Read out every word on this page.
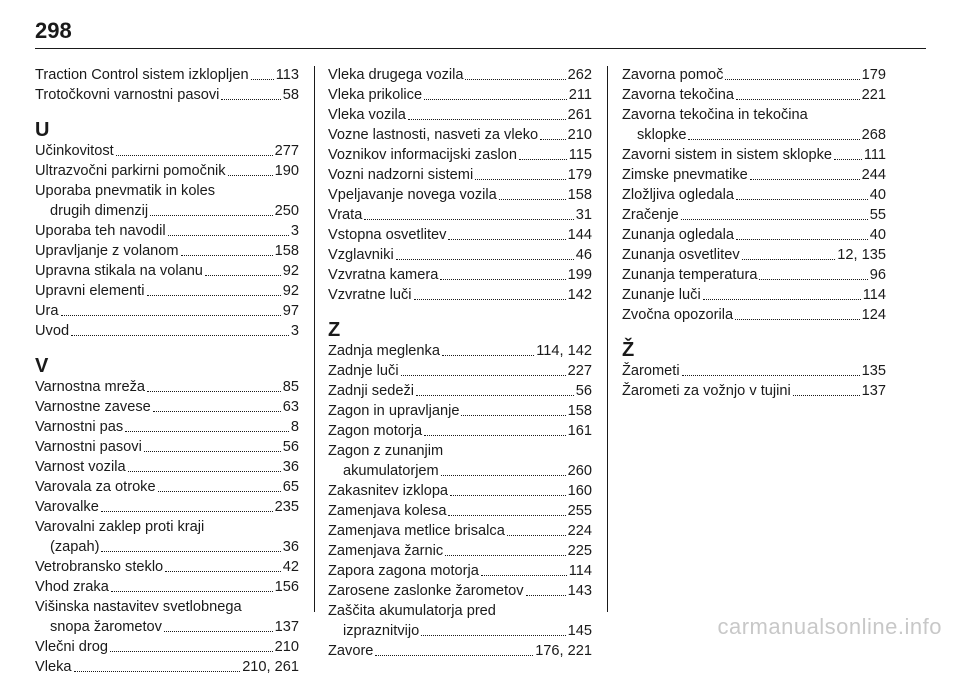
298
Traction Control sistem izklopljen 113
Trotočkovni varnostni pasovi	58
U
Učinkovitost	277
Ultrazvočni parkirni pomočnik	190
Uporaba pnevmatik in koles
drugih dimenzij	250
Uporaba teh navodil	3
Upravljanje z volanom	158
Upravna stikala na volanu	92
Upravni elementi	92
Ura	97
Uvod	3
V
Varnostna mreža	85
Varnostne zavese	63
Varnostni pas	8
Varnostni pasovi	56
Varnost vozila	36
Varovala za otroke	65
Varovalke	235
Varovalni zaklep proti kraji
(zapah)	36
Vetrobransko steklo	42
Vhod zraka	156
Višinska nastavitev svetlobnega
snopa žarometov	137
Vlečni drog	210
Vleka	210, 261
Vleka drugega vozila	262
Vleka prikolice	211
Vleka vozila	261
Vozne lastnosti, nasveti za vleko 210
Voznikov informacijski zaslon	115
Vozni nadzorni sistemi	179
Vpeljavanje novega vozila	158
Vrata	31
Vstopna osvetlitev	144
Vzglavniki	46
Vzvratna kamera	199
Vzvratne luči	142
Z
Zadnja meglenka	114, 142
Zadnje luči	227
Zadnji sedeži	56
Zagon in upravljanje	158
Zagon motorja	161
Zagon z zunanjim
akumulatorjem	260
Zakasnitev izklopa	160
Zamenjava kolesa	255
Zamenjava metlice brisalca	224
Zamenjava žarnic	225
Zapora zagona motorja	114
Zarosene zaslonke žarometov	143
Zaščita akumulatorja pred
izpraznitvijo	145
Zavore	176, 221
Zavorna pomoč	179
Zavorna tekočina	221
Zavorna tekočina in tekočina
sklopke	268
Zavorni sistem in sistem sklopke 111
Zimske pnevmatike	244
Zložljiva ogledala	40
Zračenje	55
Zunanja ogledala	40
Zunanja osvetlitev	12, 135
Zunanja temperatura	96
Zunanje luči	114
Zvočna opozorila	124
Ž
Žarometi	135
Žarometi za vožnjo v tujini	137
carmanualsonline.info
